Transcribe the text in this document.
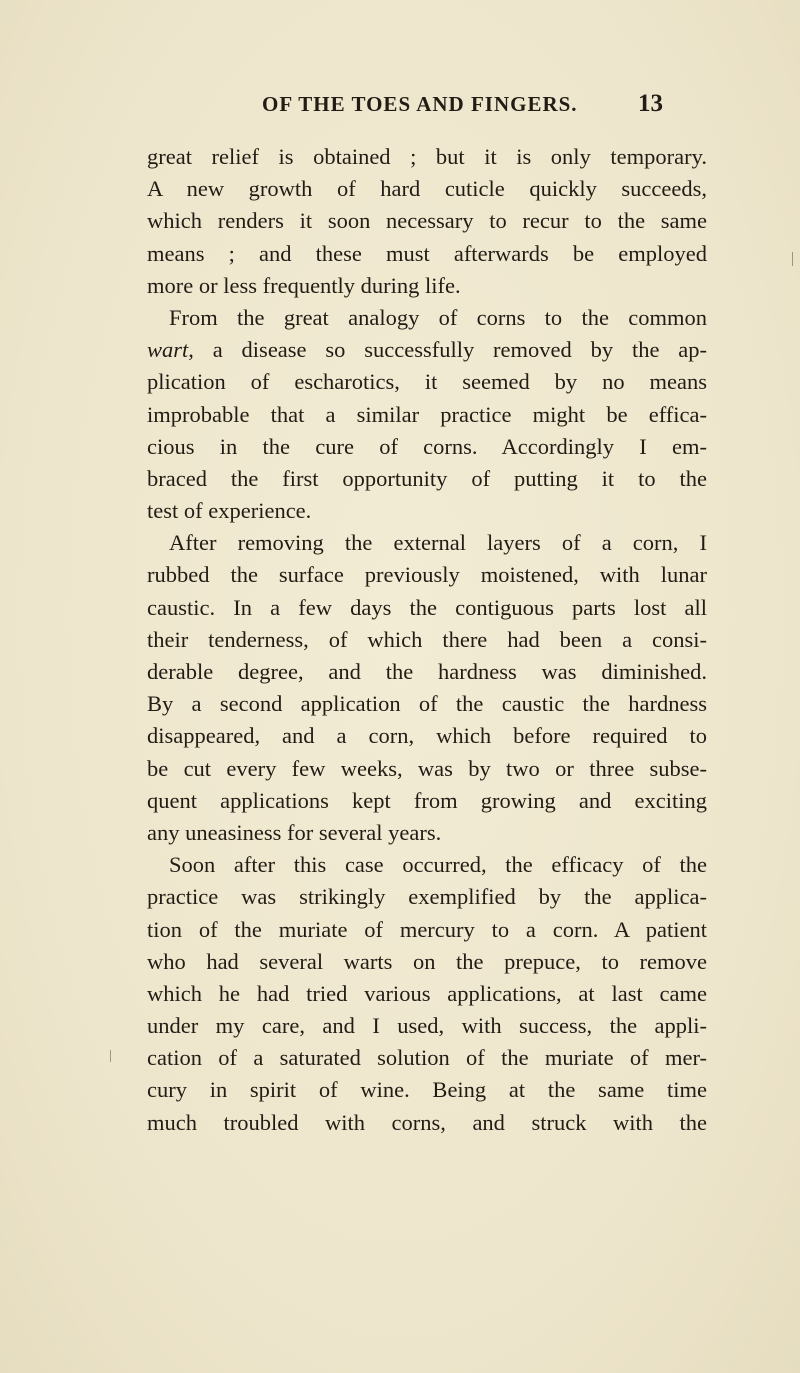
OF THE TOES AND FINGERS. 13
great relief is obtained ; but it is only temporary.
A new growth of hard cuticle quickly succeeds,
which renders it soon necessary to recur to the same
means ; and these must afterwards be employed
more or less frequently during life.
From the great analogy of corns to the common
wart, a disease so successfully removed by the ap-
plication of escharotics, it seemed by no means
improbable that a similar practice might be effica-
cious in the cure of corns. Accordingly I em-
braced the first opportunity of putting it to the
test of experience.
After removing the external layers of a corn, I
rubbed the surface previously moistened, with lunar
caustic. In a few days the contiguous parts lost all
their tenderness, of which there had been a consi-
derable degree, and the hardness was diminished.
By a second application of the caustic the hardness
disappeared, and a corn, which before required to
be cut every few weeks, was by two or three subse-
quent applications kept from growing and exciting
any uneasiness for several years.
Soon after this case occurred, the efficacy of the
practice was strikingly exemplified by the applica-
tion of the muriate of mercury to a corn. A patient
who had several warts on the prepuce, to remove
which he had tried various applications, at last came
under my care, and I used, with success, the appli-
cation of a saturated solution of the muriate of mer-
cury in spirit of wine. Being at the same time
much troubled with corns, and struck with the
